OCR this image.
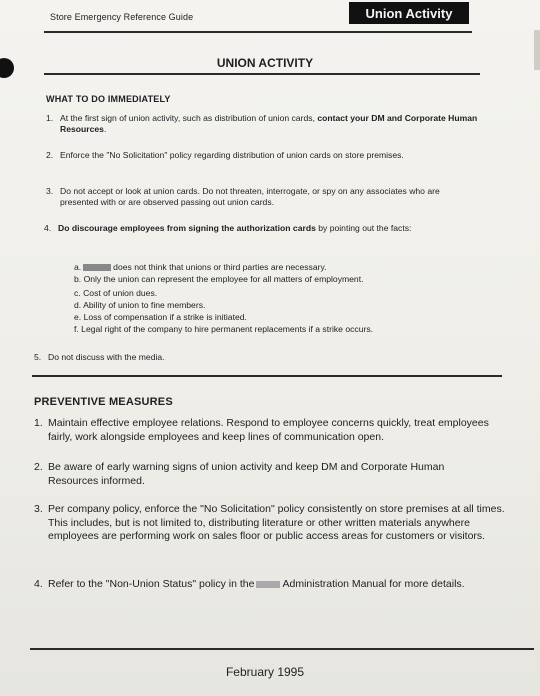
Store Emergency Reference Guide	Union Activity
UNION ACTIVITY
WHAT TO DO IMMEDIATELY
1. At the first sign of union activity, such as distribution of union cards, contact your DM and Corporate Human Resources.
2. Enforce the "No Solicitation" policy regarding distribution of union cards on store premises.
3. Do not accept or look at union cards. Do not threaten, interrogate, or spy on any associates who are presented with or are observed passing out union cards.
4. Do discourage employees from signing the authorization cards by pointing out the facts:
a.	does not think that unions or third parties are necessary.
b. Only the union can represent the employee for all matters of employment.
c. Cost of union dues.
d. Ability of union to fine members.
e. Loss of compensation if a strike is initiated.
f. Legal right of the company to hire permanent replacements if a strike occurs.
5. Do not discuss with the media.
PREVENTIVE MEASURES
1. Maintain effective employee relations. Respond to employee concerns quickly, treat employees fairly, work alongside employees and keep lines of communication open.
2. Be aware of early warning signs of union activity and keep DM and Corporate Human Resources informed.
3. Per company policy, enforce the "No Solicitation" policy consistently on store premises at all times. This includes, but is not limited to, distributing literature or other written materials anywhere employees are performing work on sales floor or public access areas for customers or visitors.
4. Refer to the "Non-Union Status" policy in the	Administration Manual for more details.
February 1995
